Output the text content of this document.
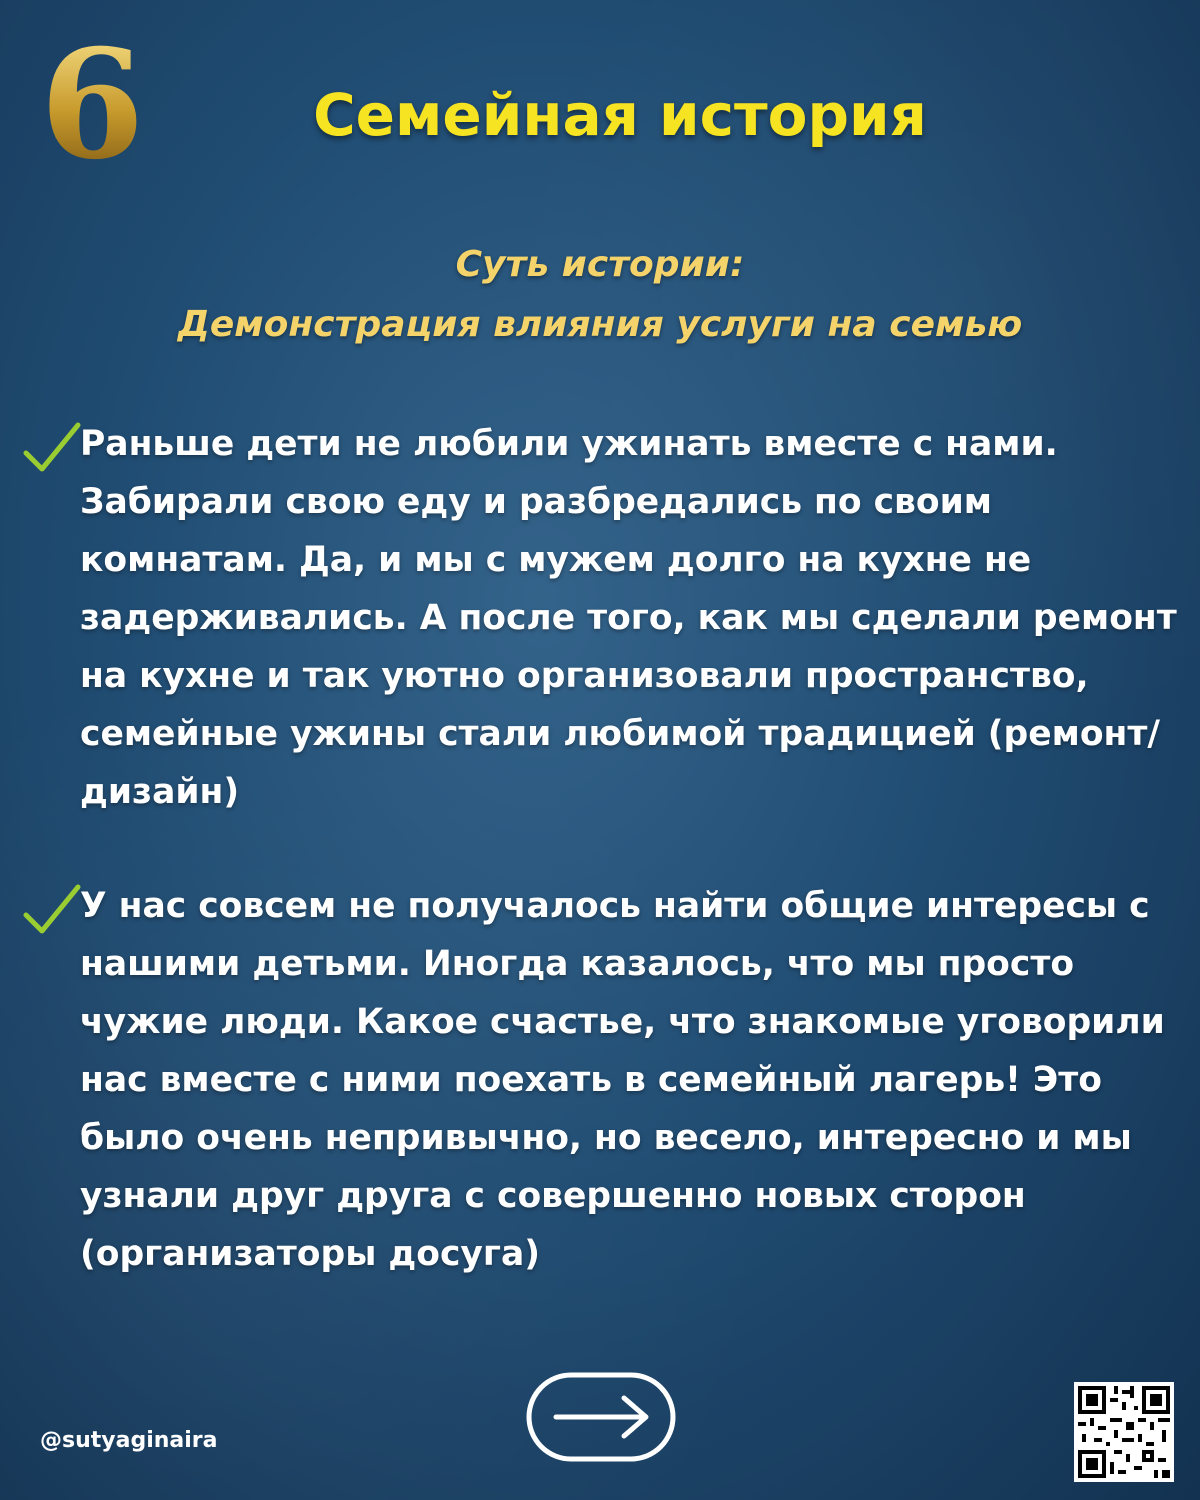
6	Семейная история
Суть истории:
Демонстрация влияния услуги на семью
Раньше дети не любили ужинать вместе с нами. Забирали свою еду и разбредались по своим комнатам. Да, и мы с мужем долго на кухне не задерживались. А после того, как мы сделали ремонт на кухне и так уютно организовали пространство, семейные ужины стали любимой традицией (ремонт/дизайн)
У нас совсем не получалось найти общие интересы с нашими детьми. Иногда казалось, что мы просто чужие люди. Какое счастье, что знакомые уговорили нас вместе с ними поехать в семейный лагерь! Это было очень непривычно, но весело, интересно и мы узнали друг друга с совершенно новых сторон (организаторы досуга)
@sutyaginaira
